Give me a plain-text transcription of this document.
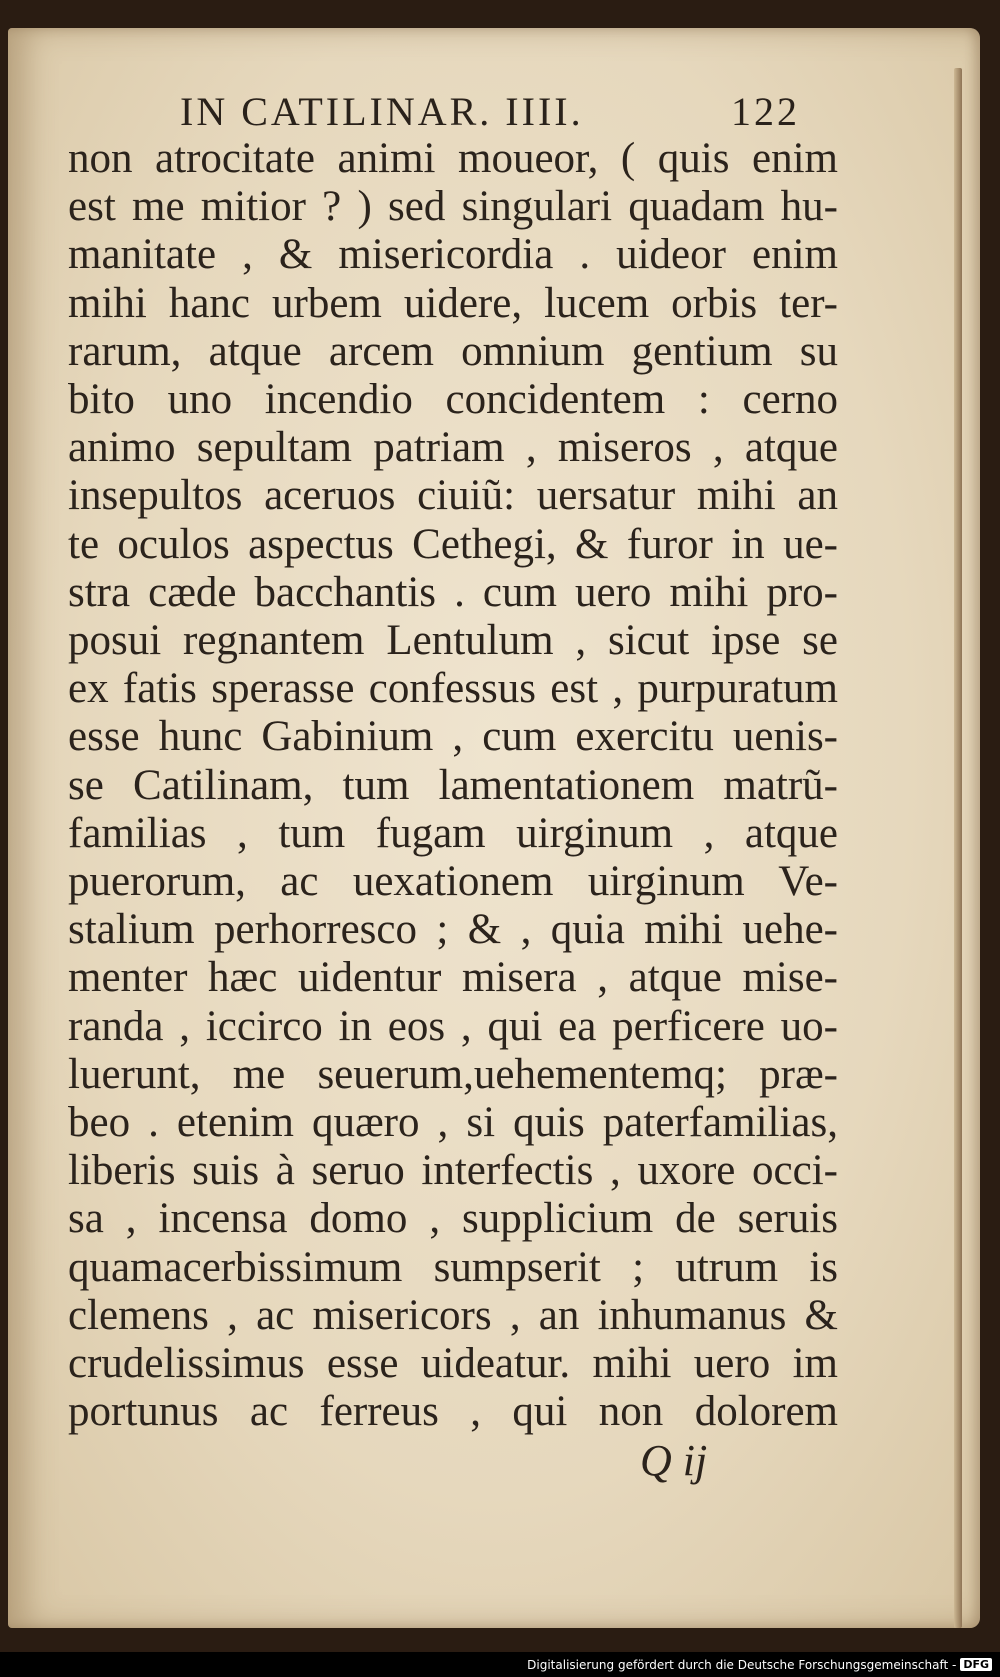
IN CATILINAR. IIII.	122
non atrocitate animi moueor, ( quis enim
est me mitior ? ) sed singulari quadam hu-
manitate , & misericordia . uideor enim
mihi hanc urbem uidere, lucem orbis ter-
rarum, atque arcem omnium gentium su
bito uno incendio concidentem : cerno
animo sepultam patriam , miseros , atque
insepultos aceruos ciuiũ: uersatur mihi an
te oculos aspectus Cethegi, & furor in ue-
stra cæde bacchantis . cum uero mihi pro-
posui regnantem Lentulum , sicut ipse se
ex fatis sperasse confessus est , purpuratum
esse hunc Gabinium , cum exercitu uenis-
se Catilinam, tum lamentationem matrũ-
familias , tum fugam uirginum , atque
puerorum, ac uexationem uirginum Ve-
stalium perhorresco ; & , quia mihi uehe-
menter hæc uidentur misera , atque mise-
randa , iccirco in eos , qui ea perficere uo-
luerunt, me seuerum,uehementemq; præ-
beo . etenim quæro , si quis paterfamilias,
liberis suis à seruo interfectis , uxore occi-
sa , incensa domo , supplicium de seruis
quamacerbissimum sumpserit ; utrum is
clemens , ac misericors , an inhumanus &
crudelissimus esse uideatur. mihi uero im
portunus ac ferreus , qui non dolorem
Q ij
Digitalisierung gefördert durch die Deutsche Forschungsgemeinschaft - DFG
